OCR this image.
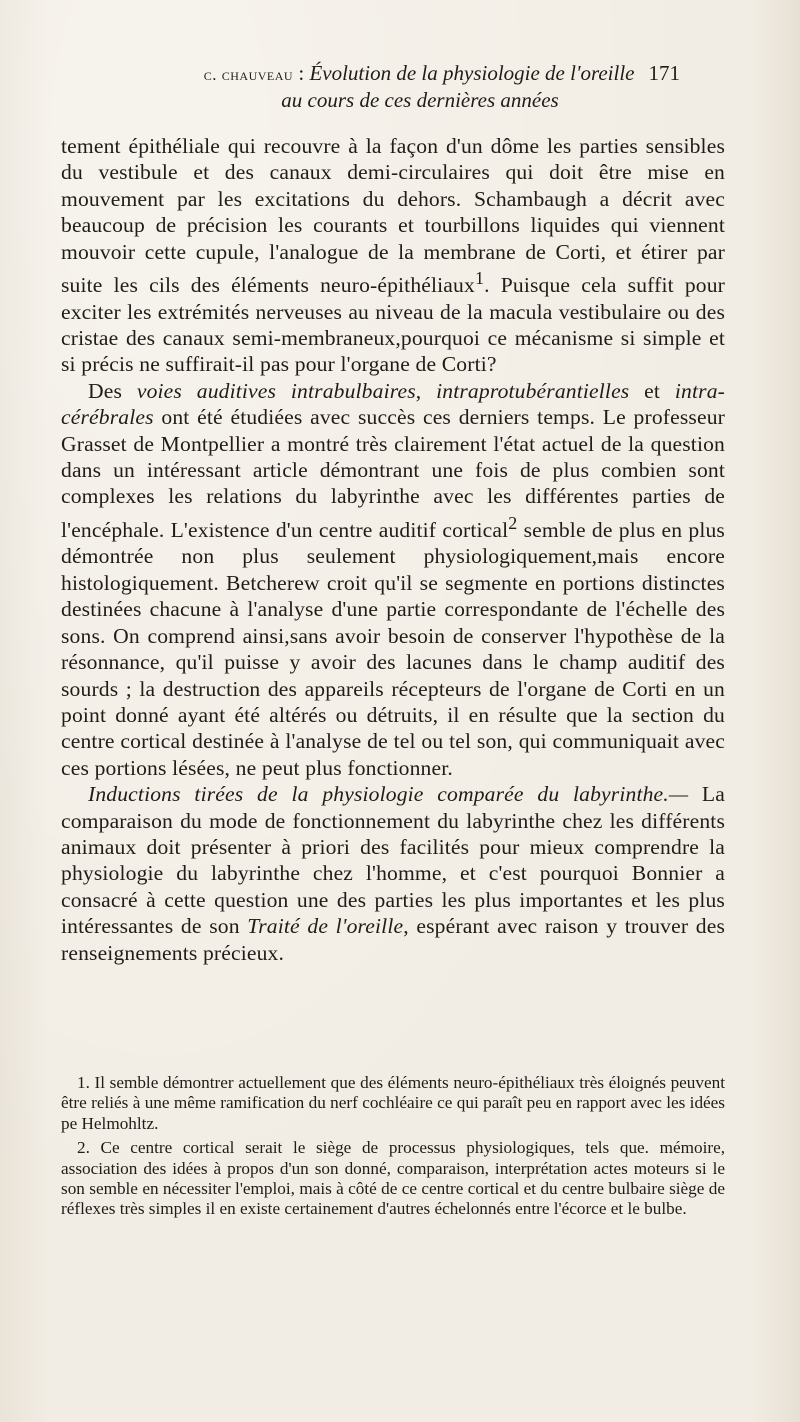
c. chauveau : Évolution de la physiologie de l'oreille 171
au cours de ces dernières années

tement épithéliale qui recouvre à la façon d'un dôme les parties sensibles du vestibule et des canaux demi-circulaires qui doit être mise en mouvement par les excitations du dehors. Schambaugh a décrit avec beaucoup de précision les courants et tourbillons liquides qui viennent mouvoir cette cupule, l'analogue de la membrane de Corti, et étirer par suite les cils des éléments neuro-épithéliaux$^1$. Puisque cela suffit pour exciter les extrémités nerveuses au niveau de la macula vestibulaire ou des cristae des canaux semi-membraneux,pourquoi ce mécanisme si simple et si précis ne suffirait-il pas pour l'organe de Corti?

Des voies auditives intrabulbaires, intraprotubérantielles et intra-cérébrales ont été étudiées avec succès ces derniers temps. Le professeur Grasset de Montpellier a montré très clairement l'état actuel de la question dans un intéressant article démontrant une fois de plus combien sont complexes les relations du labyrinthe avec les différentes parties de l'encéphale. L'existence d'un centre auditif cortical$^2$ semble de plus en plus démontrée non plus seulement physiologiquement,mais encore histologiquement. Betcherew croit qu'il se segmente en portions distinctes destinées chacune à l'analyse d'une partie correspondante de l'échelle des sons. On comprend ainsi,sans avoir besoin de conserver l'hypothèse de la résonnance, qu'il puisse y avoir des lacunes dans le champ auditif des sourds ; la destruction des appareils récepteurs de l'organe de Corti en un point donné ayant été altérés ou détruits, il en résulte que la section du centre cortical destinée à l'analyse de tel ou tel son, qui communiquait avec ces portions lésées, ne peut plus fonctionner.

Inductions tirées de la physiologie comparée du labyrinthe.— La comparaison du mode de fonctionnement du labyrinthe chez les différents animaux doit présenter à priori des facilités pour mieux comprendre la physiologie du labyrinthe chez l'homme, et c'est pourquoi Bonnier a consacré à cette question une des parties les plus importantes et les plus intéressantes de son Traité de l'oreille, espérant avec raison y trouver des renseignements précieux.

1. Il semble démontrer actuellement que des éléments neuro-épithéliaux très éloignés peuvent être reliés à une même ramification du nerf cochléaire ce qui paraît peu en rapport avec les idées pe Helmohltz.

2. Ce centre cortical serait le siège de processus physiologiques, tels que. mémoire, association des idées à propos d'un son donné, comparaison, interprétation actes moteurs si le son semble en nécessiter l'emploi, mais à côté de ce centre cortical et du centre bulbaire siège de réflexes très simples il en existe certainement d'autres échelonnés entre l'écorce et le bulbe.
